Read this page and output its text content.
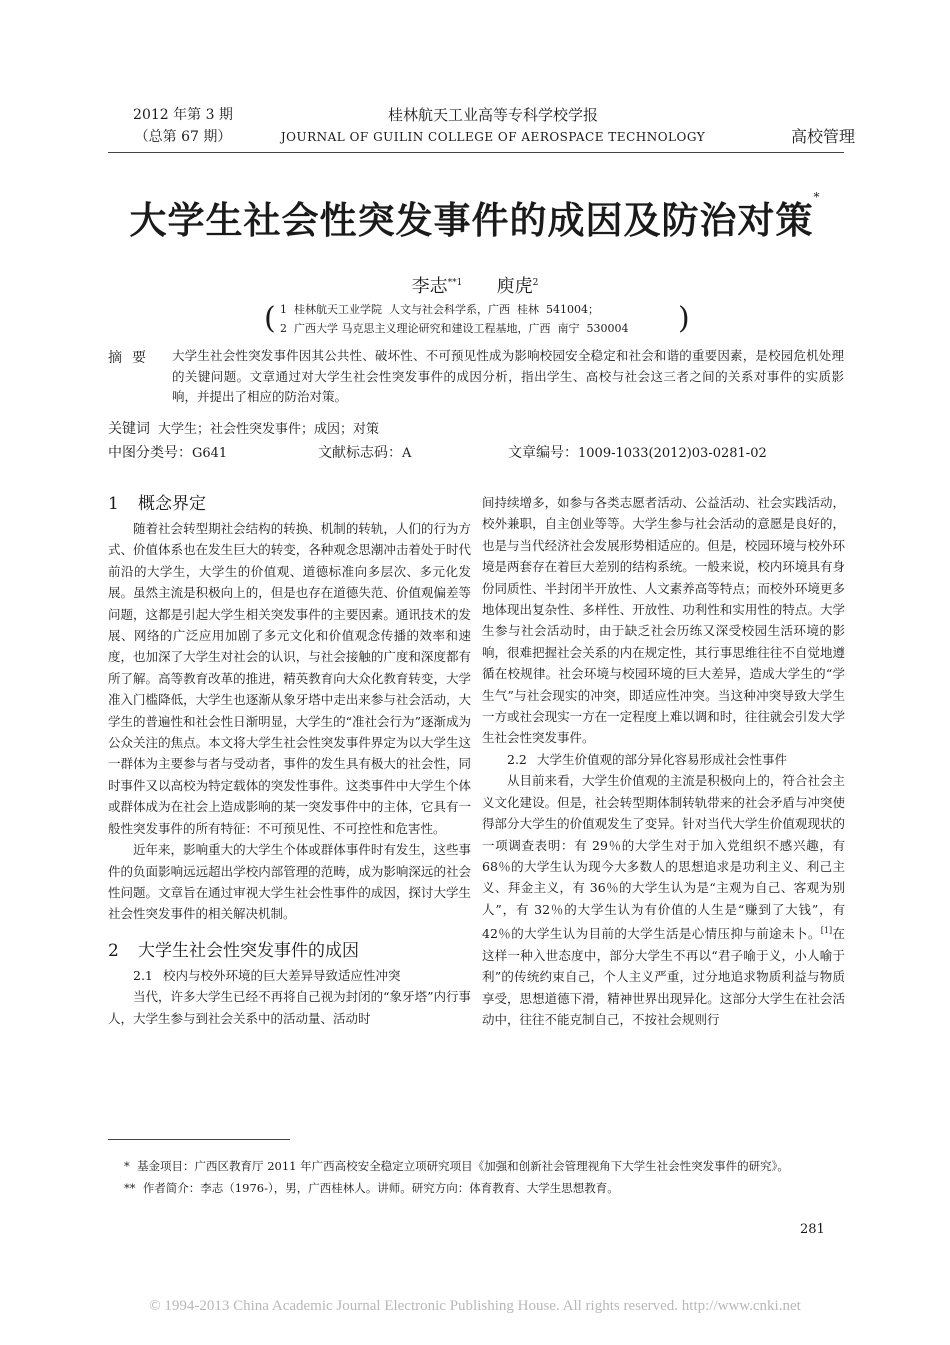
2012 年第 3 期
（总第 67 期）
桂林航天工业高等专科学校学报
JOURNAL OF GUILIN COLLEGE OF AEROSPACE TECHNOLOGY	高校管理
大学生社会性突发事件的成因及防治对策*
李志$^{**1}$ 庾虎$^2$
( 1  桂林航天工业学院  人文与社会科学系，广西  桂林  541004；
2  广西大学 马克思主义理论研究和建设工程基地，广西  南宁  530004	)
摘要 大学生社会性突发事件因其公共性、破坏性、不可预见性成为影响校园安全稳定和社会和谐的重要因素，是校园危机处理的关键问题。文章通过对大学生社会性突发事件的成因分析，指出学生、高校与社会这三者之间的关系对事件的实质影响，并提出了相应的防治对策。
关键词 大学生；社会性突发事件；成因；对策
中图分类号：G641	文献标志码：A	文章编号：1009-1033(2012)03-0281-02
1 概念界定

随着社会转型期社会结构的转换、机制的转轨，人们的行为方式、价值体系也在发生巨大的转变，各种观念思潮冲击着处于时代前沿的大学生，大学生的价值观、道德标准向多层次、多元化发展。虽然主流是积极向上的，但是也存在道德失范、价值观偏差等问题，这都是引起大学生相关突发事件的主要因素。通讯技术的发展、网络的广泛应用加剧了多元文化和价值观念传播的效率和速度，也加深了大学生对社会的认识，与社会接触的广度和深度都有所了解。高等教育改革的推进，精英教育向大众化教育转变，大学准入门槛降低，大学生也逐渐从象牙塔中走出来参与社会活动，大学生的普遍性和社会性日渐明显，大学生的“准社会行为”逐渐成为公众关注的焦点。本文将大学生社会性突发事件界定为以大学生这一群体为主要参与者与受动者，事件的发生具有极大的社会性，同时事件又以高校为特定载体的突发性事件。这类事件中大学生个体或群体成为在社会上造成影响的某一突发事件中的主体，它具有一般性突发事件的所有特征：不可预见性、不可控性和危害性。

近年来，影响重大的大学生个体或群体事件时有发生，这些事件的负面影响远远超出学校内部管理的范畴，成为影响深远的社会性问题。文章旨在通过审视大学生社会性事件的成因，探讨大学生社会性突发事件的相关解决机制。

2 大学生社会性突发事件的成因
2.1 校内与校外环境的巨大差异导致适应性冲突

当代，许多大学生已经不再将自己视为封闭的“象牙塔”内行事人，大学生参与到社会关系中的活动量、活动时

间持续增多，如参与各类志愿者活动、公益活动、社会实践活动，校外兼职，自主创业等等。大学生参与社会活动的意愿是良好的，也是与当代经济社会发展形势相适应的。但是，校园环境与校外环境是两套存在着巨大差别的结构系统。一般来说，校内环境具有身份同质性、半封闭半开放性、人文素养高等特点；而校外环境更多地体现出复杂性、多样性、开放性、功利性和实用性的特点。大学生参与社会活动时，由于缺乏社会历练又深受校园生活环境的影响，很难把握社会关系的内在规定性，其行事思维往往不自觉地遵循在校规律。社会环境与校园环境的巨大差异，造成大学生的“学生气”与社会现实的冲突，即适应性冲突。当这种冲突导致大学生一方或社会现实一方在一定程度上难以调和时，往往就会引发大学生社会性突发事件。

2.2 大学生价值观的部分异化容易形成社会性事件

从目前来看，大学生价值观的主流是积极向上的，符合社会主义文化建设。但是，社会转型期体制转轨带来的社会矛盾与冲突使得部分大学生的价值观发生了变异。针对当代大学生价值观现状的一项调查表明：有 29％的大学生对于加入党组织不感兴趣，有 68％的大学生认为现今大多数人的思想追求是功利主义、利己主义、拜金主义，有 36％的大学生认为是“主观为自己、客观为别人”，有 32％的大学生认为有价值的人生是“赚到了大钱”，有 42％的大学生认为目前的大学生活是心情压抑与前途未卜。[1]在这样一种入世态度中，部分大学生不再以“君子喻于义，小人喻于利”的传统约束自己，个人主义严重，过分地追求物质利益与物质享受，思想道德下滑，精神世界出现异化。这部分大学生在社会活动中，往往不能克制自己，不按社会规则行

* 基金项目：广西区教育厅 2011 年广西高校安全稳定立项研究项目《加强和创新社会管理视角下大学生社会性突发事件的研究》。

** 作者简介：李志（1976-），男，广西桂林人。讲师。研究方向：体育教育、大学生思想教育。

281
© 1994-2013 China Academic Journal Electronic Publishing House. All rights reserved. http://www.cnki.net
